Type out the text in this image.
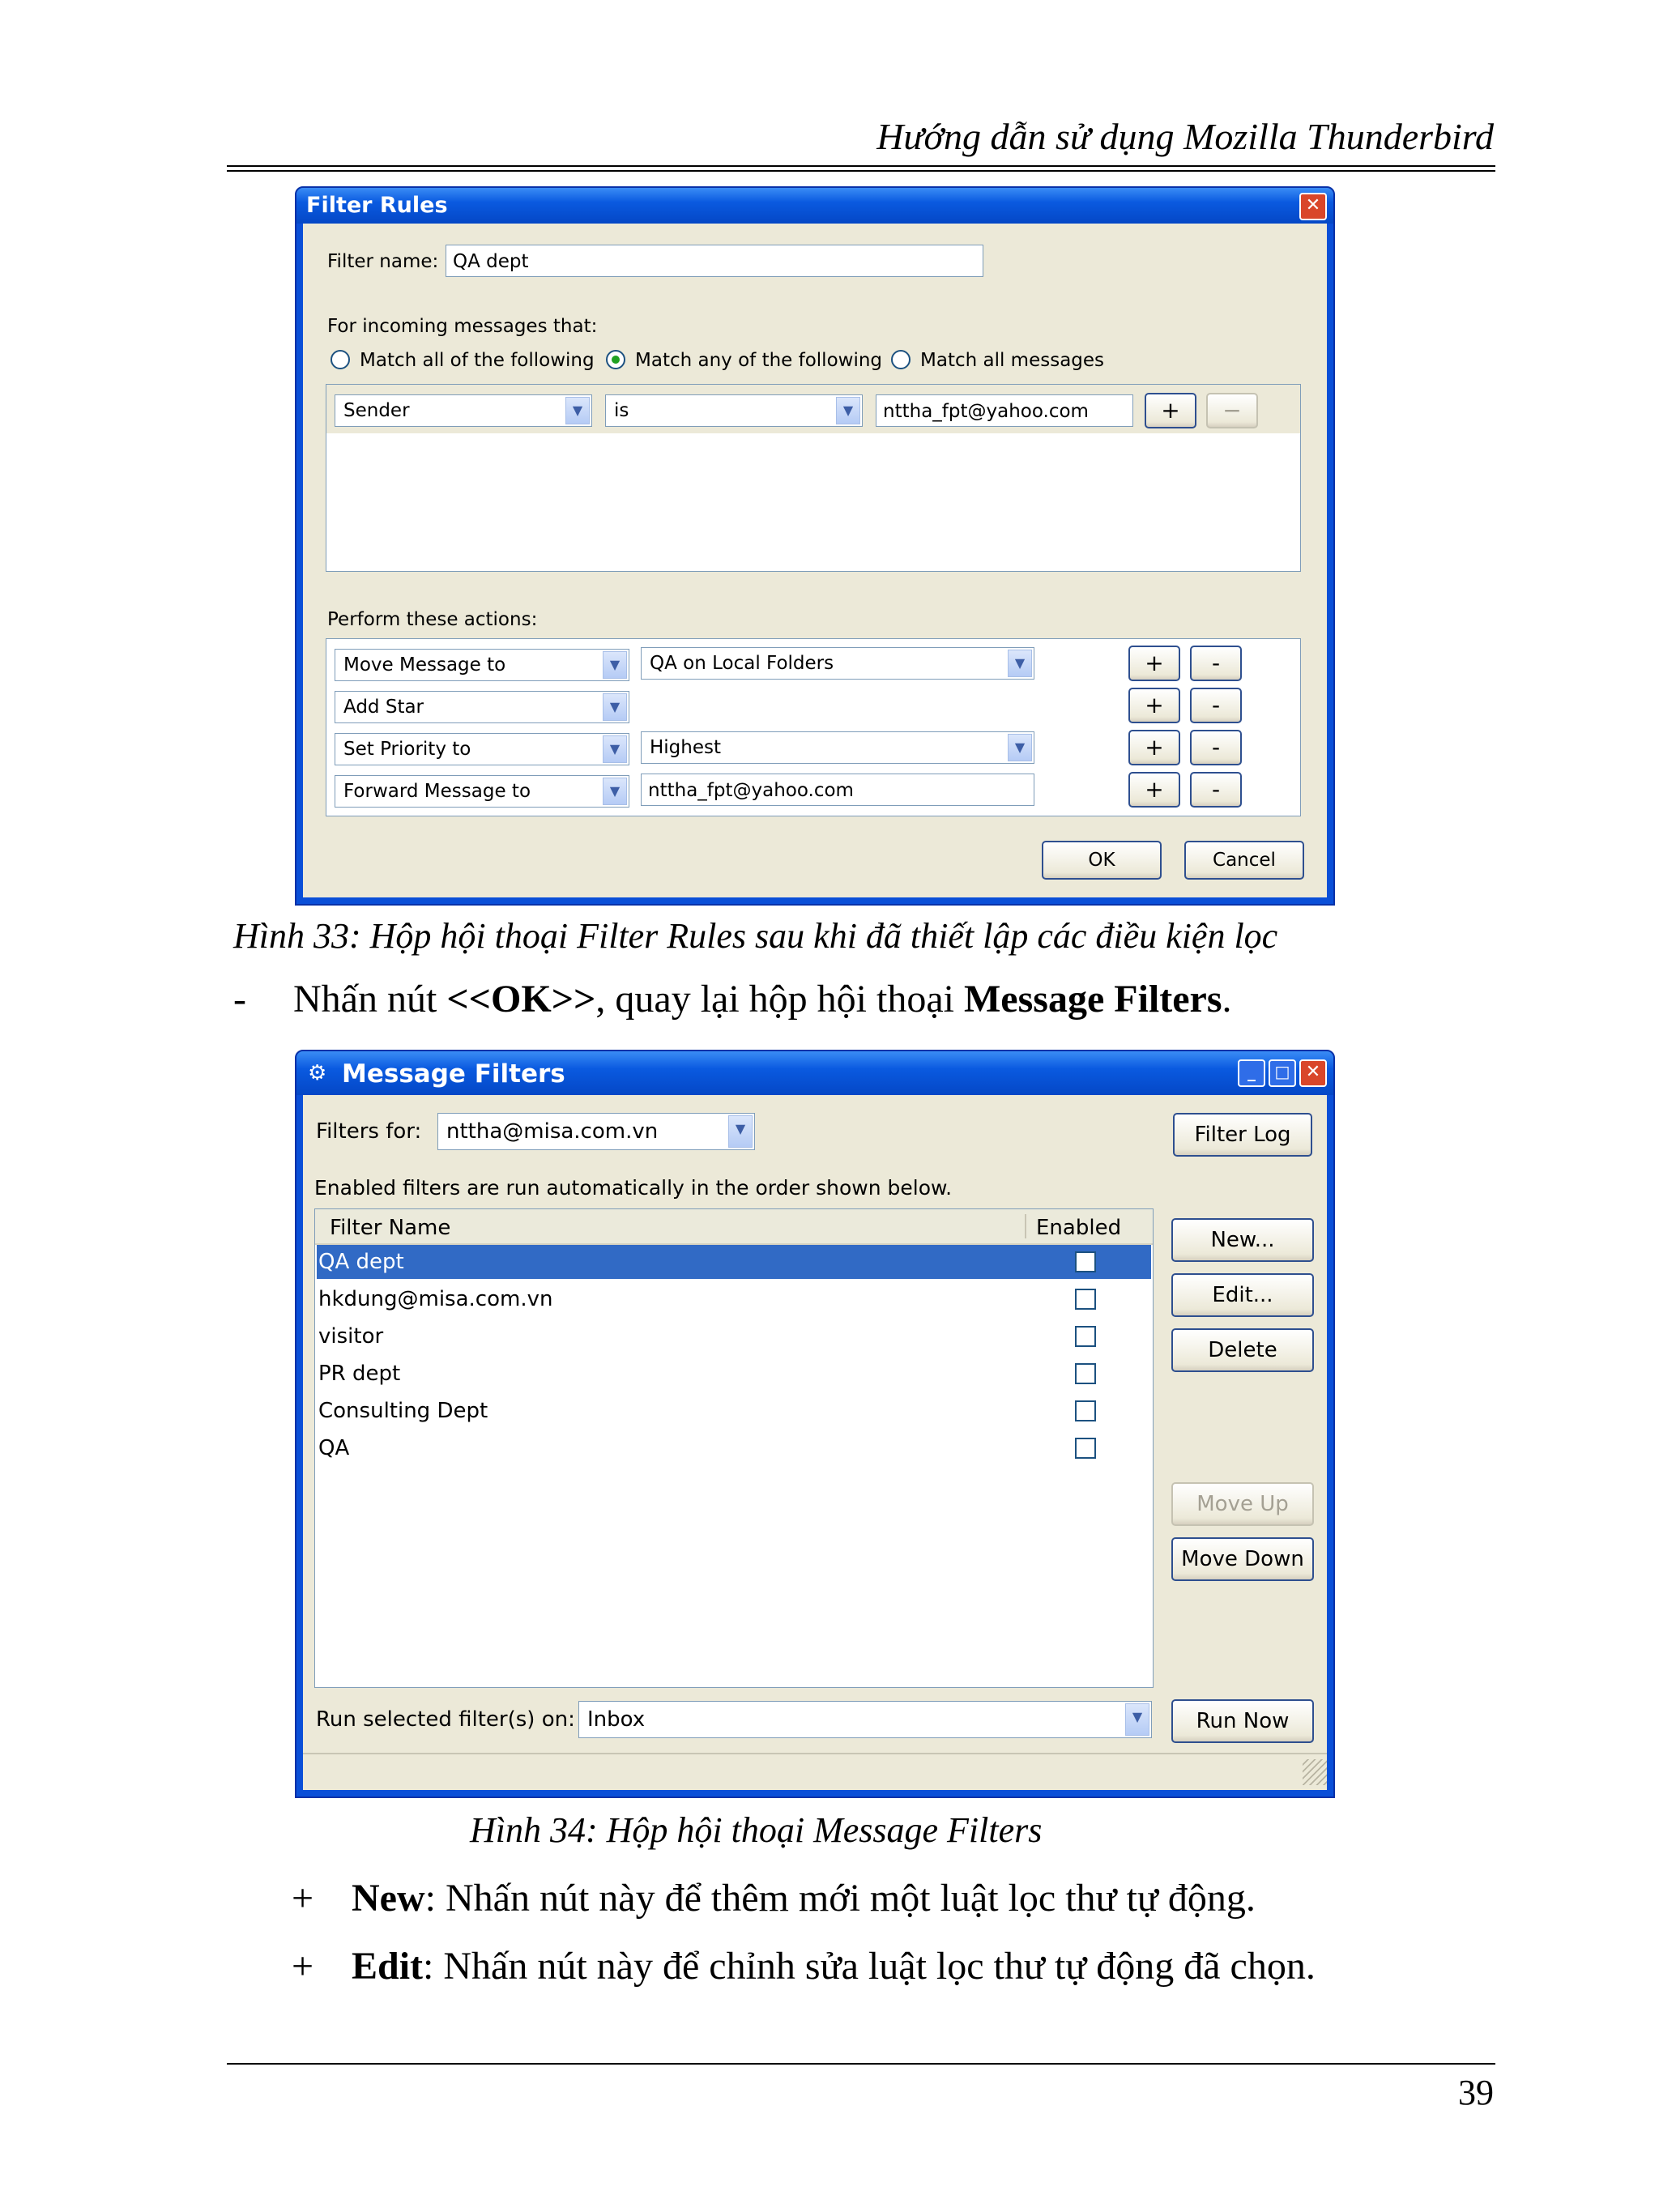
Hướng dẫn sử dụng Mozilla Thunderbird
Filter Rules	✕
Filter name: QA dept
For incoming messages that:
Match all of the following Match any of the following Match all messages
Sender	▼	is	▼	nttha_fpt@yahoo.com	+	−
Perform these actions:
Move Message to	▼	QA on Local Folders	▼	+	-
Add Star	▼	+	-
Set Priority to	▼	Highest	▼	+	-
Forward Message to	▼	nttha_fpt@yahoo.com	+	-
OK	Cancel
Hình 33: Hộp hội thoại Filter Rules sau khi đã thiết lập các điều kiện lọc
- Nhấn nút <<OK>>, quay lại hộp hội thoại Message Filters.
⚙ Message Filters	_	□ ✕
Filters for: nttha@misa.com.vn	▼	Filter Log
Enabled filters are run automatically in the order shown below.
Filter Name	Enabled
QA dept	✔
hkdung@misa.com.vn
visitor
PR dept
Consulting Dept
QA
New...
Edit...
Delete
Move Up
Move Down
Run selected filter(s) on: Inbox	▼	Run Now
Hình 34: Hộp hội thoại Message Filters
+ New: Nhấn nút này để thêm mới một luật lọc thư tự động.
+ Edit: Nhấn nút này để chỉnh sửa luật lọc thư tự động đã chọn.
39
